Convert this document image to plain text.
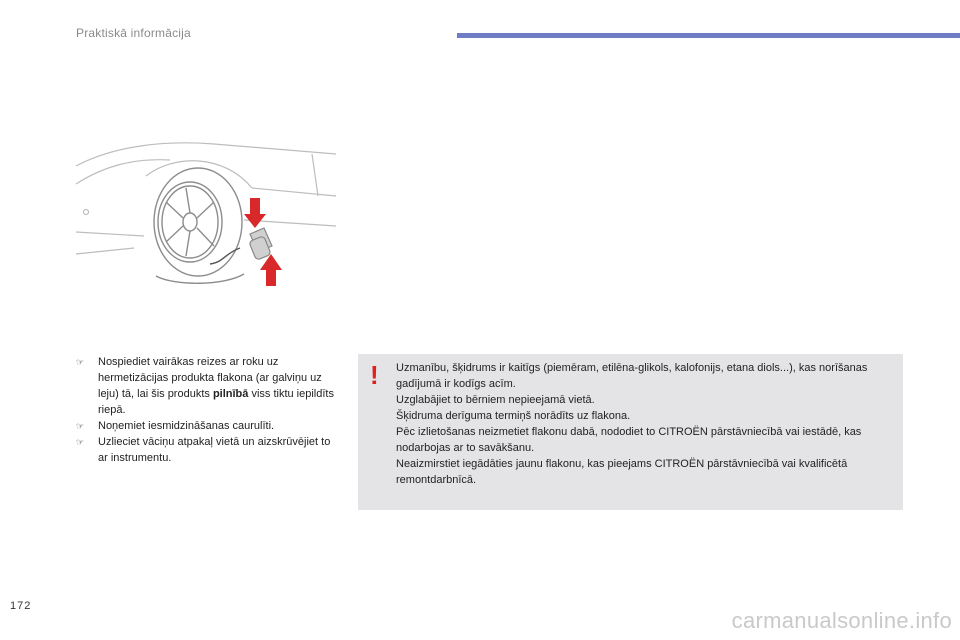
Praktiskā informācija
☞	Nospiediet vairākas reizes ar roku uz hermetizācijas produkta flakona (ar galviņu uz leju) tā, lai šis produkts pilnībā viss tiktu iepildīts riepā.
☞	Noņemiet iesmidzināšanas caurulīti.
☞	Uzlieciet vāciņu atpakaļ vietā un aizskrūvējiet to ar instrumentu.
! Uzmanību, šķidrums ir kaitīgs (piemēram, etilēna-glikols, kalofonijs, etana diols...), kas norīšanas gadījumā ir kodīgs acīm.

Uzglabājiet to bērniem nepieejamā vietā.

Šķidruma derīguma termiņš norādīts uz flakona.

Pēc izlietošanas neizmetiet flakonu dabā, nododiet to CITROËN pārstāvniecībā vai iestādē, kas nodarbojas ar to savākšanu.

Neaizmirstiet iegādāties jaunu flakonu, kas pieejams CITROËN pārstāvniecībā vai kvalificētā remontdarbnīcā.

172
carmanualsonline.info
